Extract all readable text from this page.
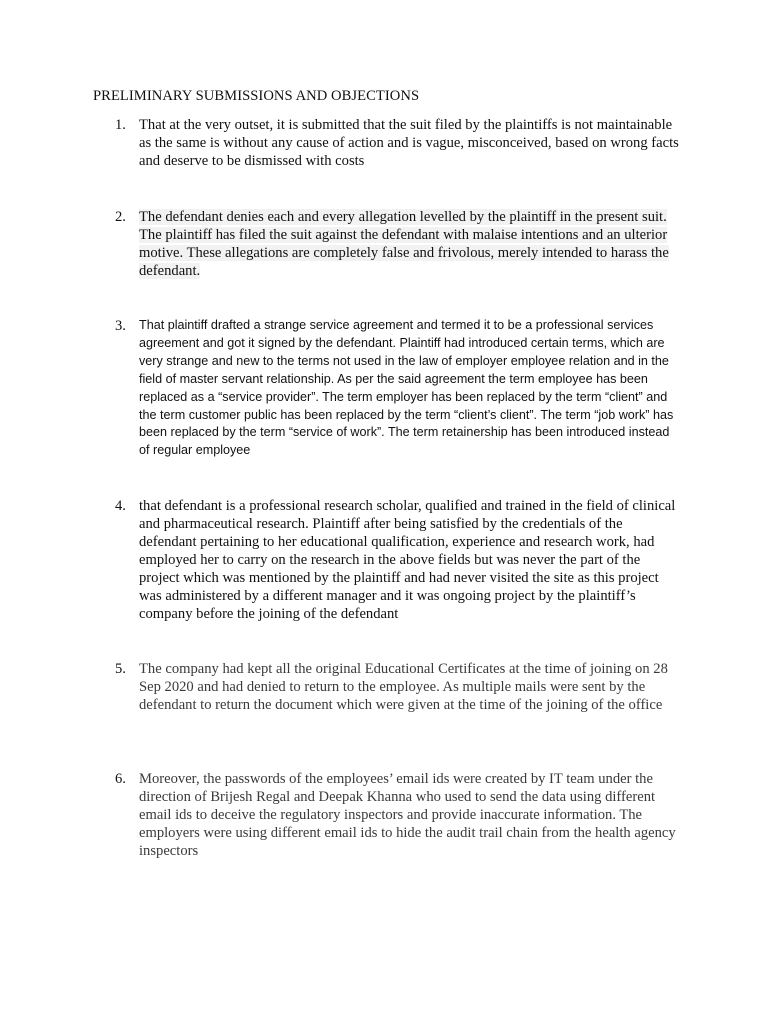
PRELIMINARY SUBMISSIONS AND OBJECTIONS
1. That at the very outset, it is submitted that the suit filed by the plaintiffs is not maintainable as the same is without any cause of action and is vague, misconceived, based on wrong facts and deserve to be dismissed with costs
2. The defendant denies each and every allegation levelled by the plaintiff in the present suit. The plaintiff has filed the suit against the defendant with malaise intentions and an ulterior motive. These allegations are completely false and frivolous, merely intended to harass the defendant.
3. That plaintiff drafted a strange service agreement and termed it to be a professional services agreement and got it signed by the defendant. Plaintiff had introduced certain terms, which are very strange and new to the terms not used in the law of employer employee relation and in the field of master servant relationship. As per the said agreement the term employee has been replaced as a “service provider”. The term employer has been replaced by the term “client” and the term customer public has been replaced by the term “client’s client”. The term “job work” has been replaced by the term “service of work”. The term retainership has been introduced instead of regular employee
4. that defendant is a professional research scholar, qualified and trained in the field of clinical and pharmaceutical research. Plaintiff after being satisfied by the credentials of the defendant pertaining to her educational qualification, experience and research work, had employed her to carry on the research in the above fields but was never the part of the project which was mentioned by the plaintiff and had never visited the site as this project was administered by a different manager and it was ongoing project by the plaintiff’s company before the joining of the defendant
5. The company had kept all the original Educational Certificates at the time of joining on 28 Sep 2020 and had denied to return to the employee. As multiple mails were sent by the defendant to return the document which were given at the time of the joining of the office
6. Moreover, the passwords of the employees’ email ids were created by IT team under the direction of Brijesh Regal and Deepak Khanna who used to send the data using different email ids to deceive the regulatory inspectors and provide inaccurate information. The employers were using different email ids to hide the audit trail chain from the health agency inspectors
